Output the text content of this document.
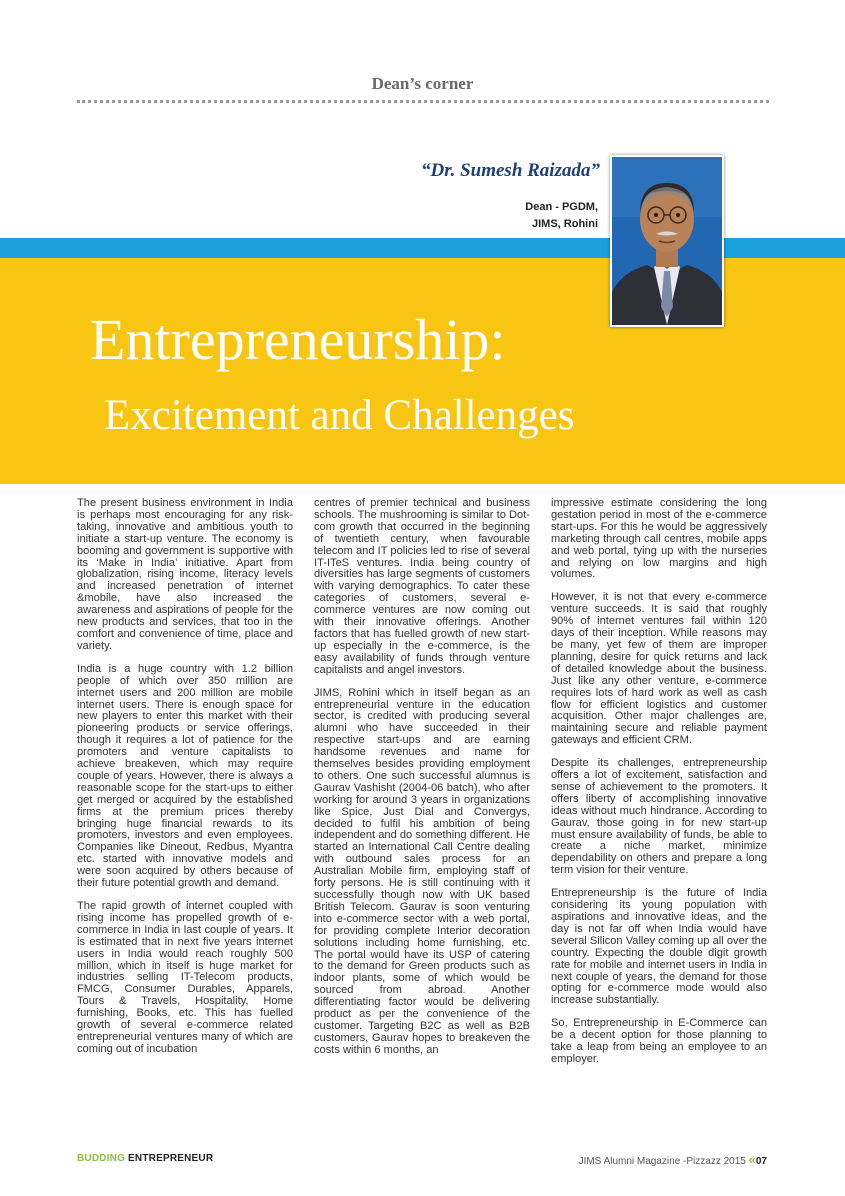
Dean’s corner
“Dr. Sumesh Raizada”
Dean - PGDM,
JIMS, Rohini
Entrepreneurship:
Excitement and Challenges

The present business environment in India is perhaps most encouraging for any risk-taking, innovative and ambitious youth to initiate a start-up venture. The economy is booming and government is supportive with its ‘Make in India’ initiative. Apart from globalization, rising income, literacy levels and increased penetration of internet &mobile, have also increased the awareness and aspirations of people for the new products and services, that too in the comfort and convenience of time, place and variety.

India is a huge country with 1.2 billion people of which over 350 million are internet users and 200 million are mobile internet users. There is enough space for new players to enter this market with their pioneering products or service offerings, though it requires a lot of patience for the promoters and venture capitalists to achieve breakeven, which may require couple of years. However, there is always a reasonable scope for the start-ups to either get merged or acquired by the established firms at the premium prices thereby bringing huge financial rewards to its promoters, investors and even employees. Companies like Dineout, Redbus, Myantra etc. started with innovative models and were soon acquired by others because of their future potential growth and demand.

The rapid growth of internet coupled with rising income has propelled growth of e-commerce in India in last couple of years. It is estimated that in next five years internet users in India would reach roughly 500 million, which in itself is huge market for industries selling IT-Telecom products, FMCG, Consumer Durables, Apparels, Tours & Travels, Hospitality, Home furnishing, Books, etc. This has fuelled growth of several e-commerce related entrepreneurial ventures many of which are coming out of incubation

centres of premier technical and business schools. The mushrooming is similar to Dot-com growth that occurred in the beginning of twentieth century, when favourable telecom and IT policies led to rise of several IT-ITeS ventures. India being country of diversities has large segments of customers with varying demographics. To cater these categories of customers, several e-commerce ventures are now coming out with their innovative offerings. Another factors that has fuelled growth of new start-up especially in the e-commerce, is the easy availability of funds through venture capitalists and angel investors.

JIMS, Rohini which in itself began as an entrepreneurial venture in the education sector, is credited with producing several alumni who have succeeded in their respective start-ups and are earning handsome revenues and name for themselves besides providing employment to others. One such successful alumnus is Gaurav Vashisht (2004-06 batch), who after working for around 3 years in organizations like Spice, Just Dial and Convergys, decided to fulfil his ambition of being independent and do something different. He started an International Call Centre dealing with outbound sales process for an Australian Mobile firm, employing staff of forty persons. He is still continuing with it successfully though now with UK based British Telecom. Gaurav is soon venturing into e-commerce sector with a web portal, for providing complete Interior decoration solutions including home furnishing, etc. The portal would have its USP of catering to the demand for Green products such as indoor plants, some of which would be sourced from abroad. Another differentiating factor would be delivering product as per the convenience of the customer. Targeting B2C as well as B2B customers, Gaurav hopes to breakeven the costs within 6 months, an

impressive estimate considering the long gestation period in most of the e-commerce start-ups. For this he would be aggressively marketing through call centres, mobile apps and web portal, tying up with the nurseries and relying on low margins and high volumes.

However, it is not that every e-commerce venture succeeds. It is said that roughly 90% of internet ventures fail within 120 days of their inception. While reasons may be many, yet few of them are improper planning, desire for quick returns and lack of detailed knowledge about the business. Just like any other venture, e-commerce requires lots of hard work as well as cash flow for efficient logistics and customer acquisition. Other major challenges are, maintaining secure and reliable payment gateways and efficient CRM.

Despite its challenges, entrepreneurship offers a lot of excitement, satisfaction and sense of achievement to the promoters. It offers liberty of accomplishing innovative ideas without much hindrance. According to Gaurav, those going in for new start-up must ensure availability of funds, be able to create a niche market, minimize dependability on others and prepare a long term vision for their venture.

Entrepreneurship is the future of India considering its young population with aspirations and innovative ideas, and the day is not far off when India would have several Silicon Valley coming up all over the country. Expecting the double digit growth rate for mobile and internet users in India in next couple of years, the demand for those opting for e-commerce mode would also increase substantially.

So, Entrepreneurship in E-Commerce can be a decent option for those planning to take a leap from being an employee to an employer.

BUDDING ENTREPRENEUR	JIMS Alumni Magazine -Pizzazz 2015 «07
